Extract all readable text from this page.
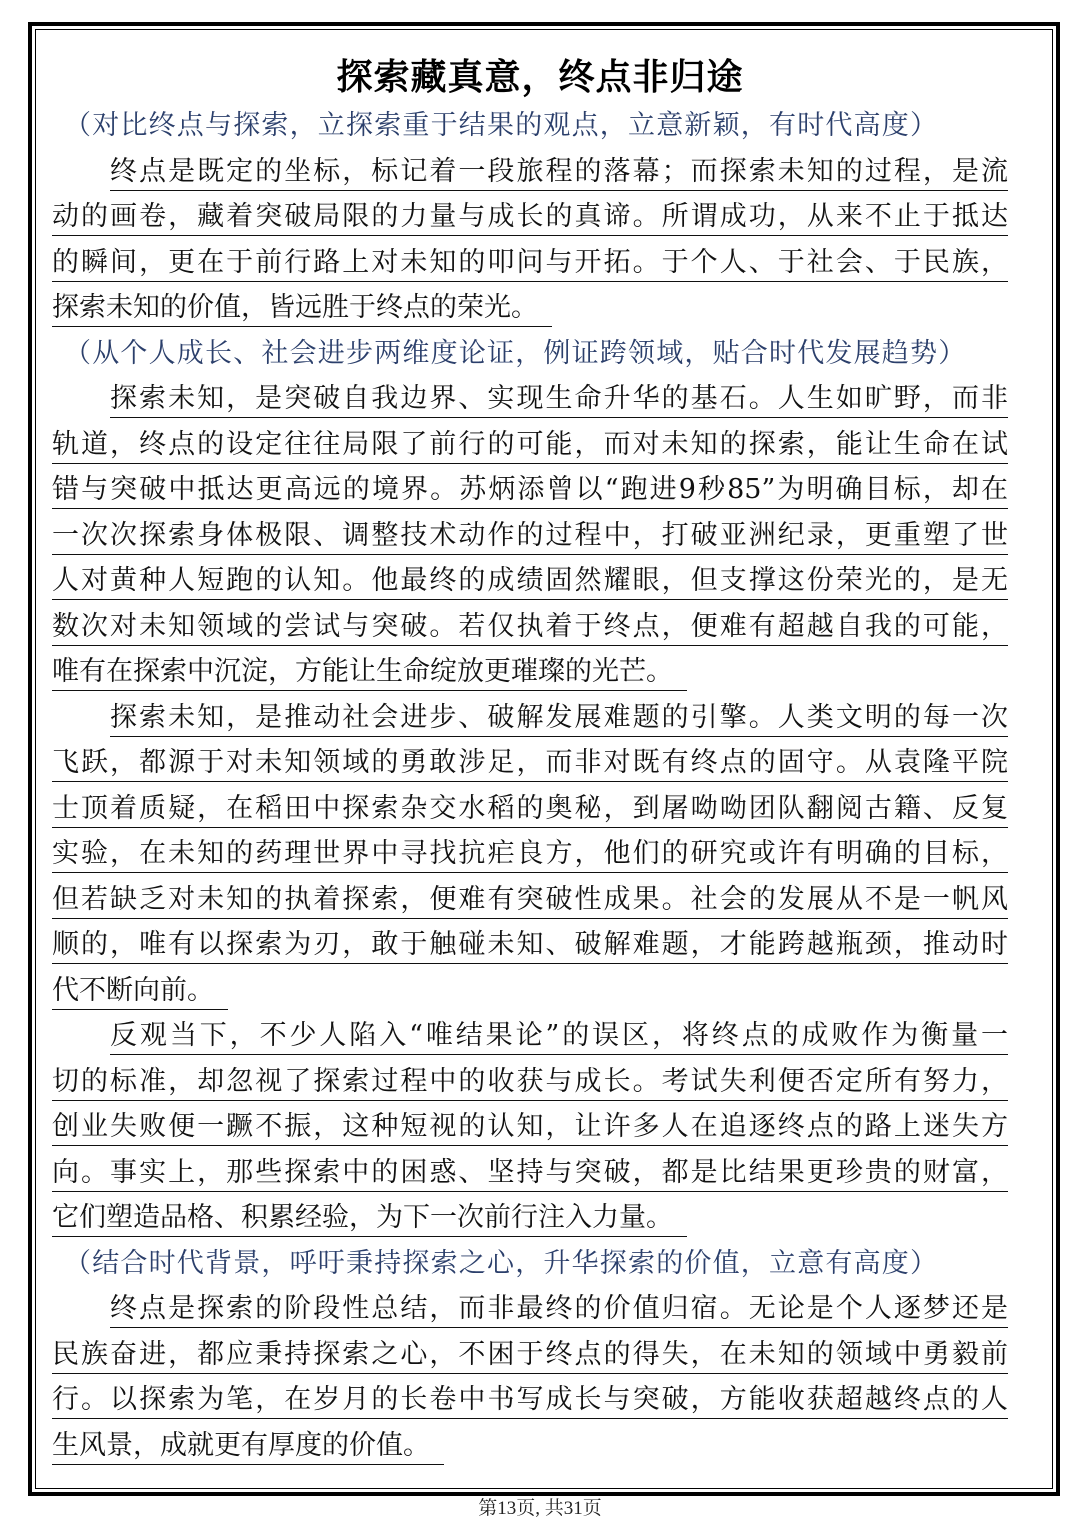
探索藏真意，终点非归途
（对比终点与探索，立探索重于结果的观点，立意新颖，有时代高度）
终点是既定的坐标，标记着一段旅程的落幕；而探索未知的过程，是流
动的画卷，藏着突破局限的力量与成长的真谛。所谓成功，从来不止于抵达
的瞬间，更在于前行路上对未知的叩问与开拓。于个人、于社会、于民族，
探索未知的价值，皆远胜于终点的荣光。
（从个人成长、社会进步两维度论证，例证跨领域，贴合时代发展趋势）
探索未知，是突破自我边界、实现生命升华的基石。人生如旷野，而非
轨道，终点的设定往往局限了前行的可能，而对未知的探索，能让生命在试
错与突破中抵达更高远的境界。苏炳添曾以“跑进9秒85”为明确目标，却在
一次次探索身体极限、调整技术动作的过程中，打破亚洲纪录，更重塑了世
人对黄种人短跑的认知。他最终的成绩固然耀眼，但支撑这份荣光的，是无
数次对未知领域的尝试与突破。若仅执着于终点，便难有超越自我的可能，
唯有在探索中沉淀，方能让生命绽放更璀璨的光芒。
探索未知，是推动社会进步、破解发展难题的引擎。人类文明的每一次
飞跃，都源于对未知领域的勇敢涉足，而非对既有终点的固守。从袁隆平院
士顶着质疑，在稻田中探索杂交水稻的奥秘，到屠呦呦团队翻阅古籍、反复
实验，在未知的药理世界中寻找抗疟良方，他们的研究或许有明确的目标，
但若缺乏对未知的执着探索，便难有突破性成果。社会的发展从不是一帆风
顺的，唯有以探索为刃，敢于触碰未知、破解难题，才能跨越瓶颈，推动时
代不断向前。
反观当下，不少人陷入“唯结果论”的误区，将终点的成败作为衡量一
切的标准，却忽视了探索过程中的收获与成长。考试失利便否定所有努力，
创业失败便一蹶不振，这种短视的认知，让许多人在追逐终点的路上迷失方
向。事实上，那些探索中的困惑、坚持与突破，都是比结果更珍贵的财富，
它们塑造品格、积累经验，为下一次前行注入力量。
（结合时代背景，呼吁秉持探索之心，升华探索的价值，立意有高度）
终点是探索的阶段性总结，而非最终的价值归宿。无论是个人逐梦还是
民族奋进，都应秉持探索之心，不困于终点的得失，在未知的领域中勇毅前
行。以探索为笔，在岁月的长卷中书写成长与突破，方能收获超越终点的人
生风景，成就更有厚度的价值。
第13页, 共31页
